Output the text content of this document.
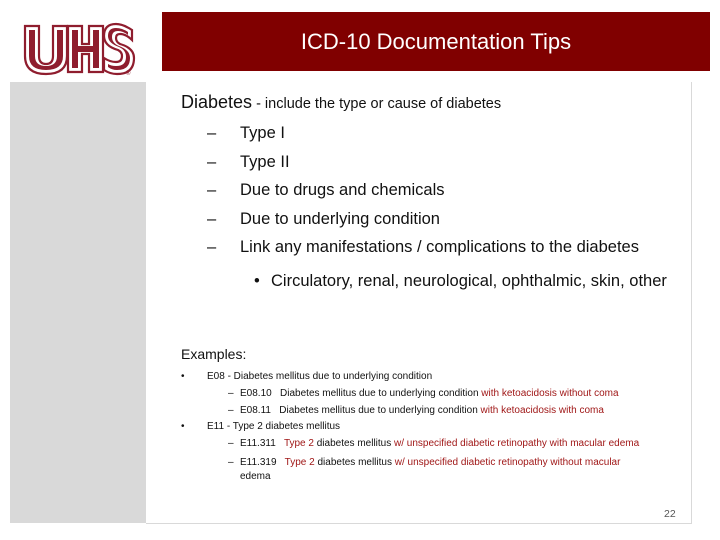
®
ICD-10 Documentation Tips
Diabetes - include the type or cause of diabetes
–	Type I
–	Type II
–	Due to drugs and chemicals
–	Due to underlying condition
–	Link any manifestations / complications to the diabetes
• Circulatory, renal, neurological, ophthalmic, skin, other
Examples:
• E08 - Diabetes mellitus due to underlying condition
– E08.10 Diabetes mellitus due to underlying condition with ketoacidosis without coma
– E08.11 Diabetes mellitus due to underlying condition with ketoacidosis with coma
• E11 - Type 2 diabetes mellitus
– E11.311 Type 2 diabetes mellitus w/ unspecified diabetic retinopathy with macular edema
– E11.319 Type 2 diabetes mellitus w/ unspecified diabetic retinopathy without macular
edema
22
